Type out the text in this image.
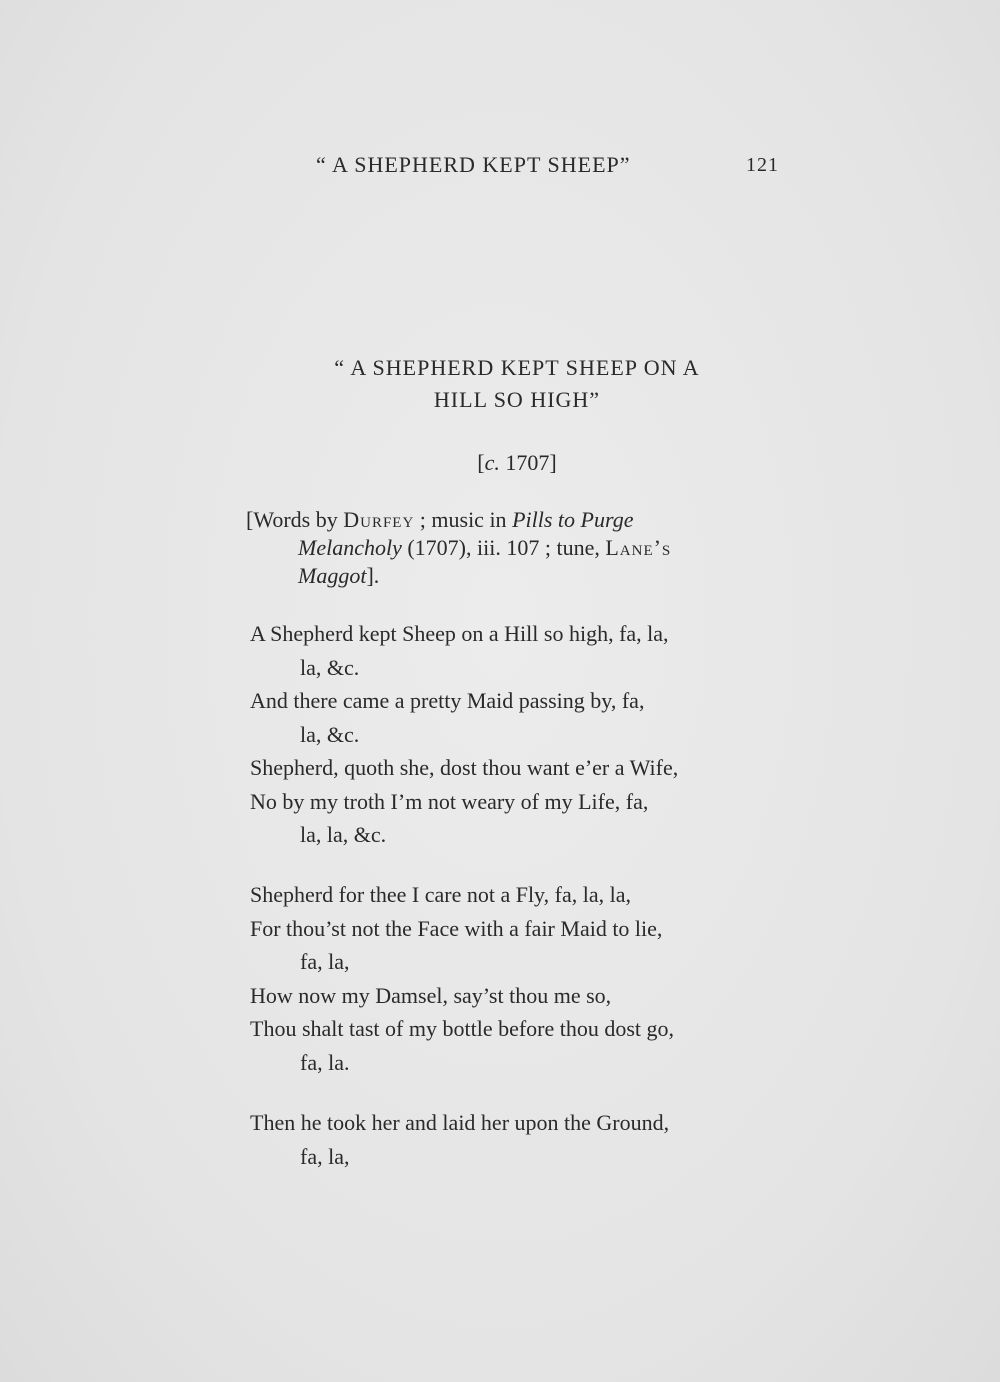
“ A SHEPHERD KEPT SHEEP”	121
“ A SHEPHERD KEPT SHEEP ON A
HILL SO HIGH”
[c. 1707]
[Words by Durfey ; music in Pills to Purge
Melancholy (1707), iii. 107 ; tune, Lane’s
Maggot].
A Shepherd kept Sheep on a Hill so high, fa, la,
la, &c.
And there came a pretty Maid passing by, fa,
la, &c.
Shepherd, quoth she, dost thou want e’er a Wife,
No by my troth I’m not weary of my Life, fa,
la, la, &c.
Shepherd for thee I care not a Fly, fa, la, la,
For thou’st not the Face with a fair Maid to lie,
fa, la,
How now my Damsel, say’st thou me so,
Thou shalt tast of my bottle before thou dost go,
fa, la.
Then he took her and laid her upon the Ground,
fa, la,
